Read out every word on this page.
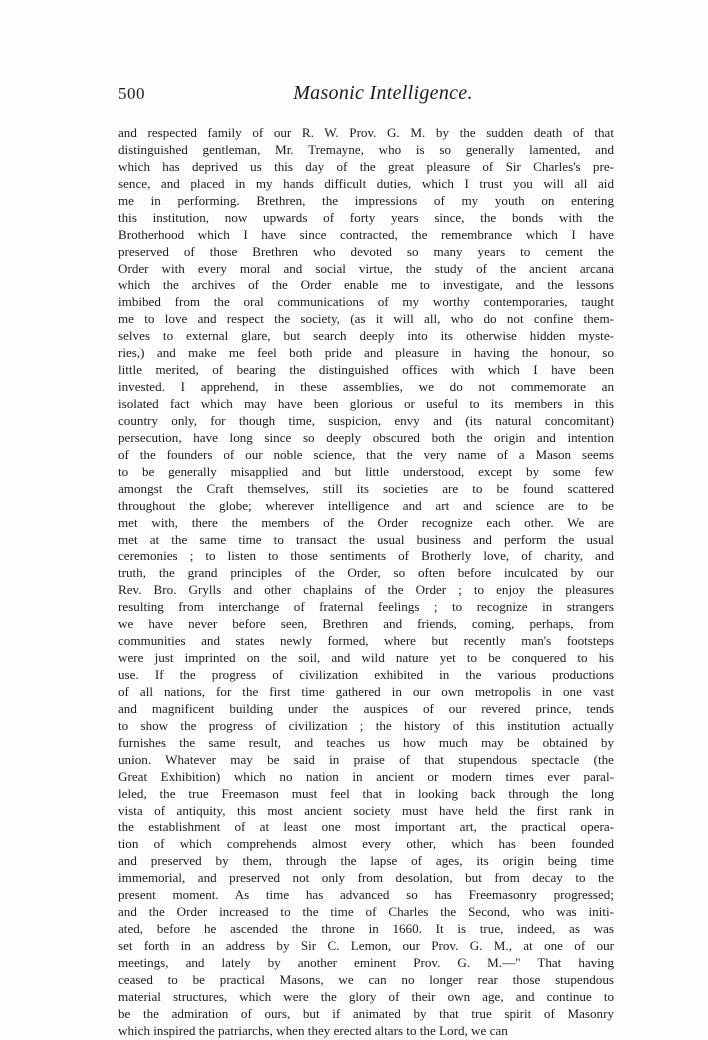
500	Masonic Intelligence.
and respected family of our R. W. Prov. G. M. by the sudden death of that
distinguished gentleman, Mr. Tremayne, who is so generally lamented, and
which has deprived us this day of the great pleasure of Sir Charles's pre-
sence, and placed in my hands difficult duties, which I trust you will all aid
me in performing. Brethren, the impressions of my youth on entering
this institution, now upwards of forty years since, the bonds with the
Brotherhood which I have since contracted, the remembrance which I have
preserved of those Brethren who devoted so many years to cement the
Order with every moral and social virtue, the study of the ancient arcana
which the archives of the Order enable me to investigate, and the lessons
imbibed from the oral communications of my worthy contemporaries, taught
me to love and respect the society, (as it will all, who do not confine them-
selves to external glare, but search deeply into its otherwise hidden myste-
ries,) and make me feel both pride and pleasure in having the honour, so
little merited, of bearing the distinguished offices with which I have been
invested. I apprehend, in these assemblies, we do not commemorate an
isolated fact which may have been glorious or useful to its members in this
country only, for though time, suspicion, envy and (its natural concomitant)
persecution, have long since so deeply obscured both the origin and intention
of the founders of our noble science, that the very name of a Mason seems
to be generally misapplied and but little understood, except by some few
amongst the Craft themselves, still its societies are to be found scattered
throughout the globe; wherever intelligence and art and science are to be
met with, there the members of the Order recognize each other. We are
met at the same time to transact the usual business and perform the usual
ceremonies ; to listen to those sentiments of Brotherly love, of charity, and
truth, the grand principles of the Order, so often before inculcated by our
Rev. Bro. Grylls and other chaplains of the Order ; to enjoy the pleasures
resulting from interchange of fraternal feelings ; to recognize in strangers
we have never before seen, Brethren and friends, coming, perhaps, from
communities and states newly formed, where but recently man's footsteps
were just imprinted on the soil, and wild nature yet to be conquered to his
use. If the progress of civilization exhibited in the various productions
of all nations, for the first time gathered in our own metropolis in one vast
and magnificent building under the auspices of our revered prince, tends
to show the progress of civilization ; the history of this institution actually
furnishes the same result, and teaches us how much may be obtained by
union. Whatever may be said in praise of that stupendous spectacle (the
Great Exhibition) which no nation in ancient or modern times ever paral-
leled, the true Freemason must feel that in looking back through the long
vista of antiquity, this most ancient society must have held the first rank in
the establishment of at least one most important art, the practical opera-
tion of which comprehends almost every other, which has been founded
and preserved by them, through the lapse of ages, its origin being time
immemorial, and preserved not only from desolation, but from decay to the
present moment. As time has advanced so has Freemasonry progressed;
and the Order increased to the time of Charles the Second, who was initi-
ated, before he ascended the throne in 1660. It is true, indeed, as was
set forth in an address by Sir C. Lemon, our Prov. G. M., at one of our
meetings, and lately by another eminent Prov. G. M.—" That having
ceased to be practical Masons, we can no longer rear those stupendous
material structures, which were the glory of their own age, and continue to
be the admiration of ours, but if animated by that true spirit of Masonry
which inspired the patriarchs, when they erected altars to the Lord, we can
